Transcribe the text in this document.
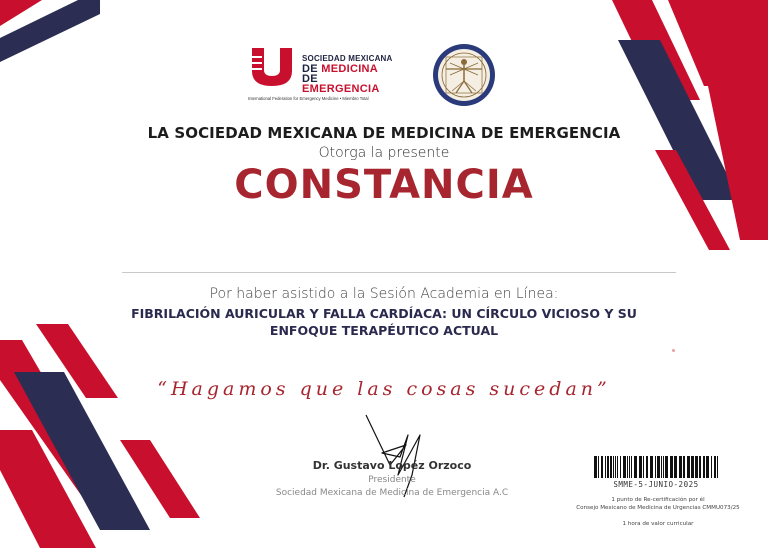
SOCIEDAD MEXICANA
DE MEDICINA
DE EMERGENCIA
International Federation for Emergency Medicine • Miembro Total
LA SOCIEDAD MEXICANA DE MEDICINA DE EMERGENCIA
Otorga la presente
CONSTANCIA
Por haber asistido a la Sesión Academia en Línea:
FIBRILACIÓN AURICULAR Y FALLA CARDÍACA: UN CÍRCULO VICIOSO Y SU ENFOQUE TERAPÉUTICO ACTUAL
“Hagamos que las cosas sucedan”
Dr. Gustavo Lopéz Orzoco
Presidente
Sociedad Mexicana de Medicina de Emergencia A.C
SMME-5-JUNIO-2025
1 punto de Re-certificación por él
Consejo Mexicano de Medicina de Urgencias CMMU073/25
1 hora de valor curricular
